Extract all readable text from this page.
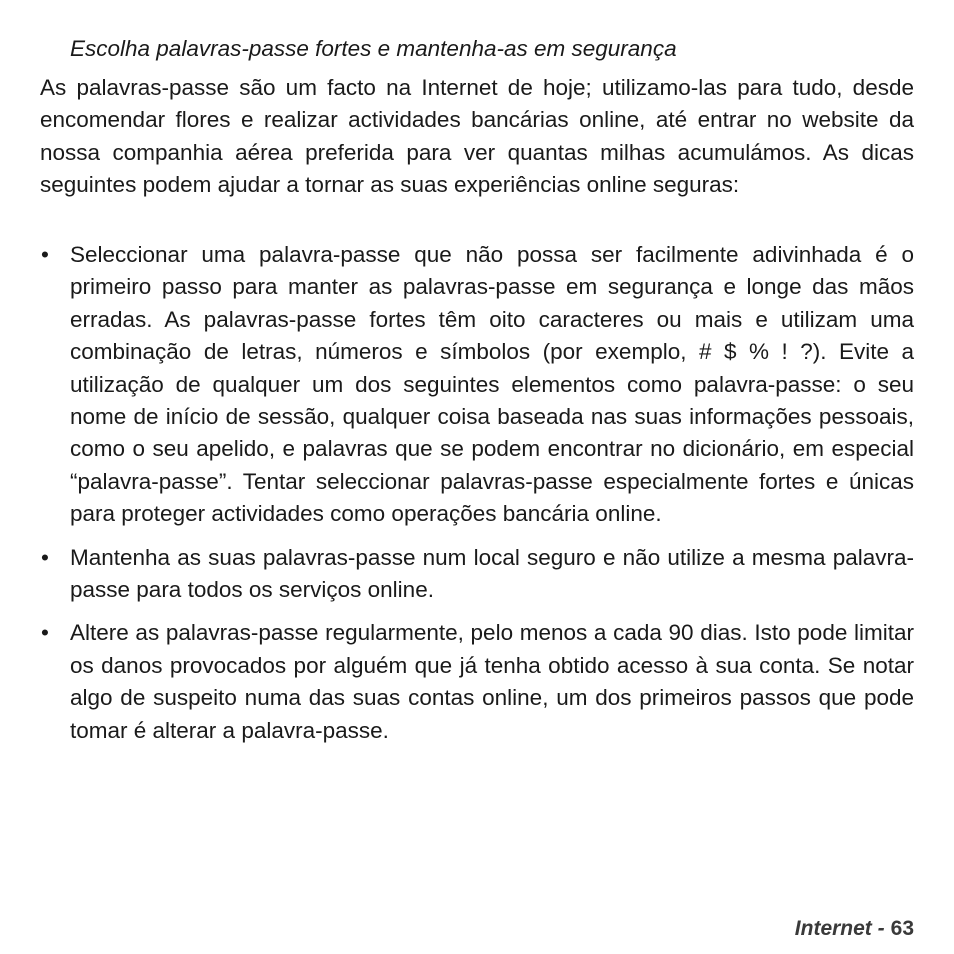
Escolha palavras-passe fortes e mantenha-as em segurança

As palavras-passe são um facto na Internet de hoje; utilizamo-las para tudo, desde encomendar flores e realizar actividades bancárias online, até entrar no website da nossa companhia aérea preferida para ver quantas milhas acumulámos. As dicas seguintes podem ajudar a tornar as suas experiências online seguras:

• Seleccionar uma palavra-passe que não possa ser facilmente adivinhada é o primeiro passo para manter as palavras-passe em segurança e longe das mãos erradas. As palavras-passe fortes têm oito caracteres ou mais e utilizam uma combinação de letras, números e símbolos (por exemplo, # $ % ! ?). Evite a utilização de qualquer um dos seguintes elementos como palavra-passe: o seu nome de início de sessão, qualquer coisa baseada nas suas informações pessoais, como o seu apelido, e palavras que se podem encontrar no dicionário, em especial “palavra-passe”. Tentar seleccionar palavras-passe especialmente fortes e únicas para proteger actividades como operações bancária online.
• Mantenha as suas palavras-passe num local seguro e não utilize a mesma palavra-passe para todos os serviços online.
• Altere as palavras-passe regularmente, pelo menos a cada 90 dias. Isto pode limitar os danos provocados por alguém que já tenha obtido acesso à sua conta. Se notar algo de suspeito numa das suas contas online, um dos primeiros passos que pode tomar é alterar a palavra-passe.
Internet - 63
